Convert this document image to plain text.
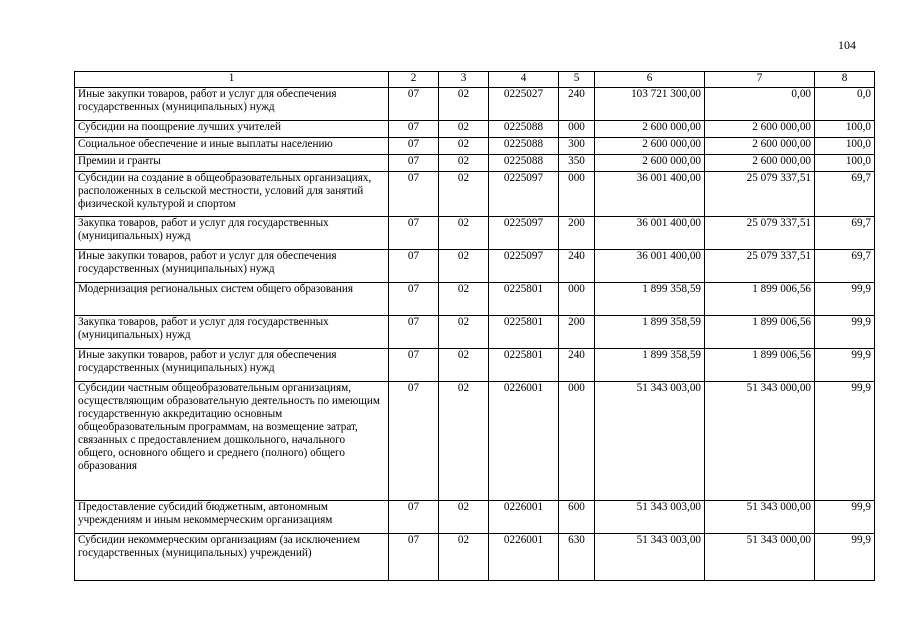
104
1	2	3	4	5	6	7	8
Иные закупки товаров, работ и услуг для обеспечения государственных (муниципальных) нужд	07	02	0225027	240	103 721 300,00	0,00	0,0
Субсидии на поощрение лучших учителей	07	02	0225088	000	2 600 000,00	2 600 000,00	100,0
Социальное обеспечение и иные выплаты населению	07	02	0225088	300	2 600 000,00	2 600 000,00	100,0
Премии и гранты	07	02	0225088	350	2 600 000,00	2 600 000,00	100,0
Субсидии на создание в общеобразовательных организациях, расположенных в сельской местности, условий для занятий физической культурой и спортом	07	02	0225097	000	36 001 400,00	25 079 337,51	69,7
Закупка товаров, работ и услуг для государственных (муниципальных) нужд	07	02	0225097	200	36 001 400,00	25 079 337,51	69,7
Иные закупки товаров, работ и услуг для обеспечения государственных (муниципальных) нужд	07	02	0225097	240	36 001 400,00	25 079 337,51	69,7
Модернизация региональных систем общего образования	07	02	0225801	000	1 899 358,59	1 899 006,56	99,9
Закупка товаров, работ и услуг для государственных (муниципальных) нужд	07	02	0225801	200	1 899 358,59	1 899 006,56	99,9
Иные закупки товаров, работ и услуг для обеспечения государственных (муниципальных) нужд	07	02	0225801	240	1 899 358,59	1 899 006,56	99,9
Субсидии частным общеобразовательным организациям, осуществляющим образовательную деятельность по имеющим государственную аккредитацию основным общеобразовательным программам, на возмещение затрат, связанных с предоставлением дошкольного, начального общего, основного общего и среднего (полного) общего образования	07	02	0226001	000	51 343 003,00	51 343 000,00	99,9
Предоставление субсидий бюджетным, автономным учреждениям и иным некоммерческим организациям	07	02	0226001	600	51 343 003,00	51 343 000,00	99,9
Субсидии некоммерческим организациям (за исключением государственных (муниципальных) учреждений)	07	02	0226001	630	51 343 003,00	51 343 000,00	99,9
